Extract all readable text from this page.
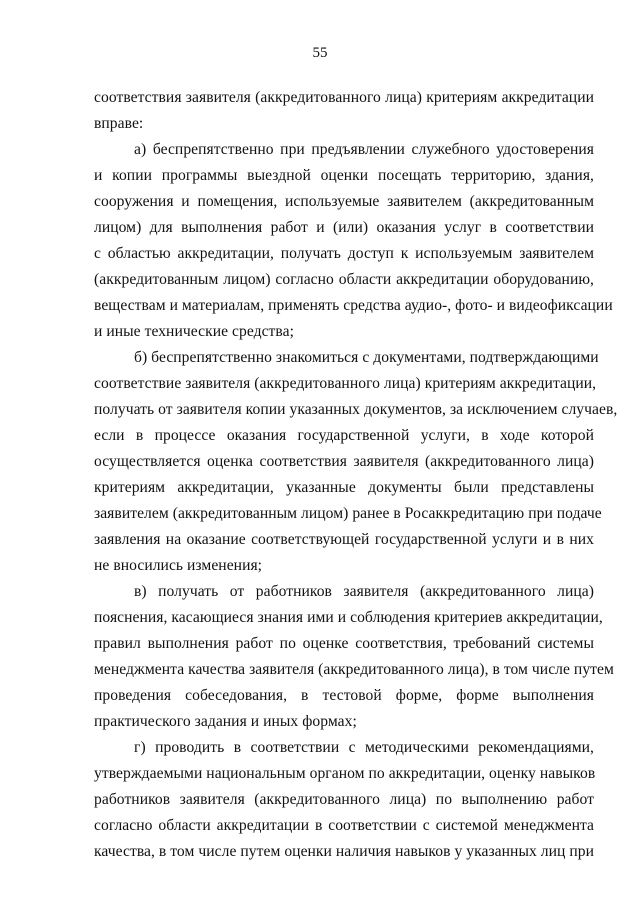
55
соответствия заявителя (аккредитованного лица) критериям аккредитации
вправе:
а) беспрепятственно при предъявлении служебного удостоверения
и копии программы выездной оценки посещать территорию, здания,
сооружения и помещения, используемые заявителем (аккредитованным
лицом) для выполнения работ и (или) оказания услуг в соответствии
с областью аккредитации, получать доступ к используемым заявителем
(аккредитованным лицом) согласно области аккредитации оборудованию,
веществам и материалам, применять средства аудио-, фото- и видеофиксации
и иные технические средства;
б) беспрепятственно знакомиться с документами, подтверждающими
соответствие заявителя (аккредитованного лица) критериям аккредитации,
получать от заявителя копии указанных документов, за исключением случаев,
если в процессе оказания государственной услуги, в ходе которой
осуществляется оценка соответствия заявителя (аккредитованного лица)
критериям аккредитации, указанные документы были представлены
заявителем (аккредитованным лицом) ранее в Росаккредитацию при подаче
заявления на оказание соответствующей государственной услуги и в них
не вносились изменения;
в) получать от работников заявителя (аккредитованного лица)
пояснения, касающиеся знания ими и соблюдения критериев аккредитации,
правил выполнения работ по оценке соответствия, требований системы
менеджмента качества заявителя (аккредитованного лица), в том числе путем
проведения собеседования, в тестовой форме, форме выполнения
практического задания и иных формах;
г) проводить в соответствии с методическими рекомендациями,
утверждаемыми национальным органом по аккредитации, оценку навыков
работников заявителя (аккредитованного лица) по выполнению работ
согласно области аккредитации в соответствии с системой менеджмента
качества, в том числе путем оценки наличия навыков у указанных лиц при
